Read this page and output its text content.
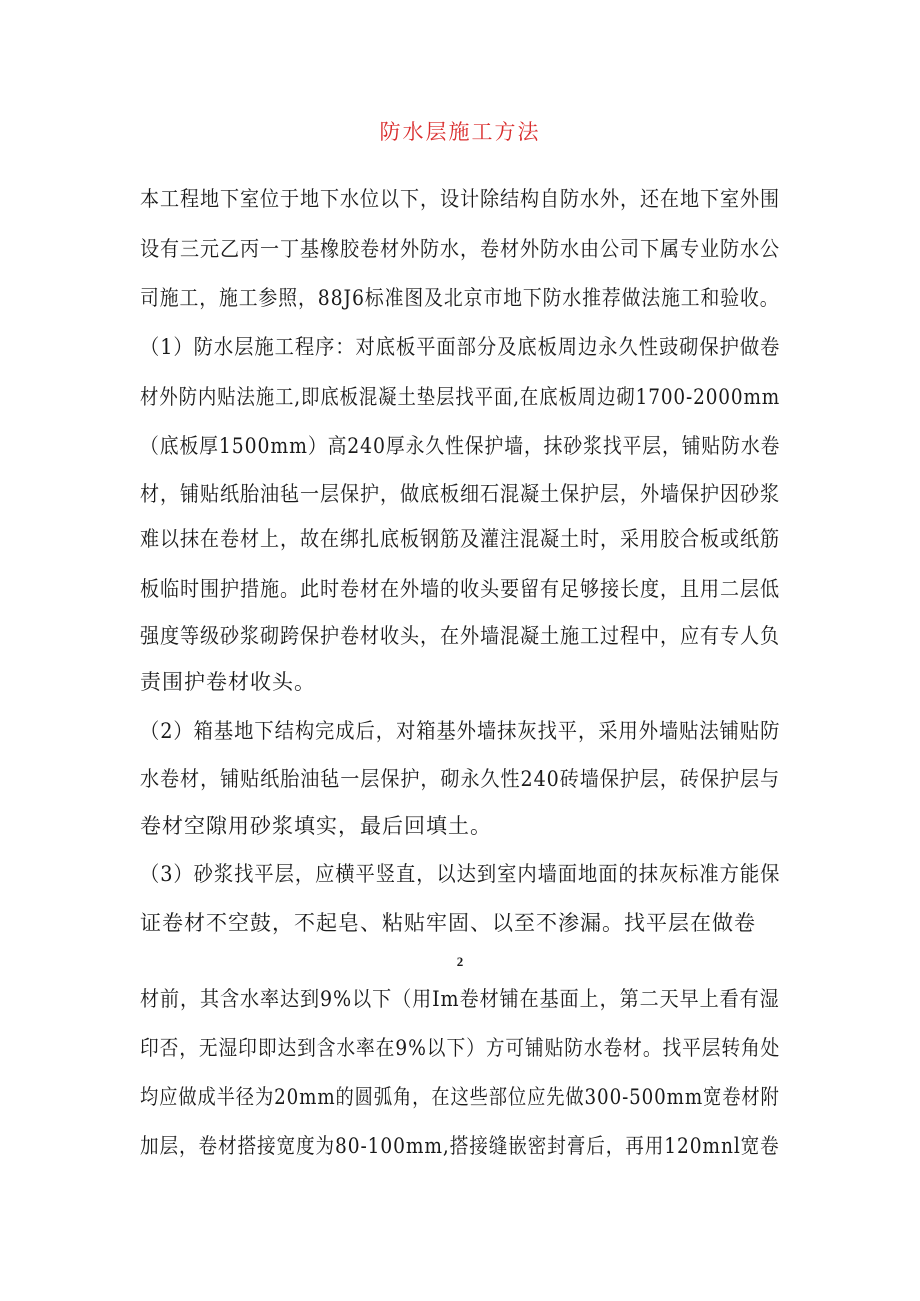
防水层施工方法
本工程地下室位于地下水位以下，设计除结构自防水外，还在地下室外围
设有三元乙丙一丁基橡胶卷材外防水，卷材外防水由公司下属专业防水公
司施工，施工参照，88J6标准图及北京市地下防水推荐做法施工和验收。
（1）防水层施工程序：对底板平面部分及底板周边永久性豉砌保护做卷
材外防内贴法施工,即底板混凝土垫层找平面,在底板周边砌1700-2000mm
（底板厚1500mm）高240厚永久性保护墙，抹砂浆找平层，铺贴防水卷
材，铺贴纸胎油毡一层保护，做底板细石混凝土保护层，外墙保护因砂浆
难以抹在卷材上，故在绑扎底板钢筋及灌注混凝土时，采用胶合板或纸筋
板临时围护措施。此时卷材在外墙的收头要留有足够接长度，且用二层低
强度等级砂浆砌跨保护卷材收头，在外墙混凝土施工过程中，应有专人负
责围护卷材收头。
（2）箱基地下结构完成后，对箱基外墙抹灰找平，采用外墙贴法铺贴防
水卷材，铺贴纸胎油毡一层保护，砌永久性240砖墙保护层，砖保护层与
卷材空隙用砂浆填实，最后回填土。
（3）砂浆找平层，应横平竖直，以达到室内墙面地面的抹灰标准方能保
证卷材不空鼓，不起皂、粘贴牢固、以至不渗漏。找平层在做卷
2
材前，其含水率达到9%以下（用Im卷材铺在基面上，第二天早上看有湿
印否，无湿印即达到含水率在9%以下）方可铺贴防水卷材。找平层转角处
均应做成半径为20mm的圆弧角，在这些部位应先做300-500mm宽卷材附
加层，卷材搭接宽度为80-100mm,搭接缝嵌密封膏后，再用120mnl宽卷
